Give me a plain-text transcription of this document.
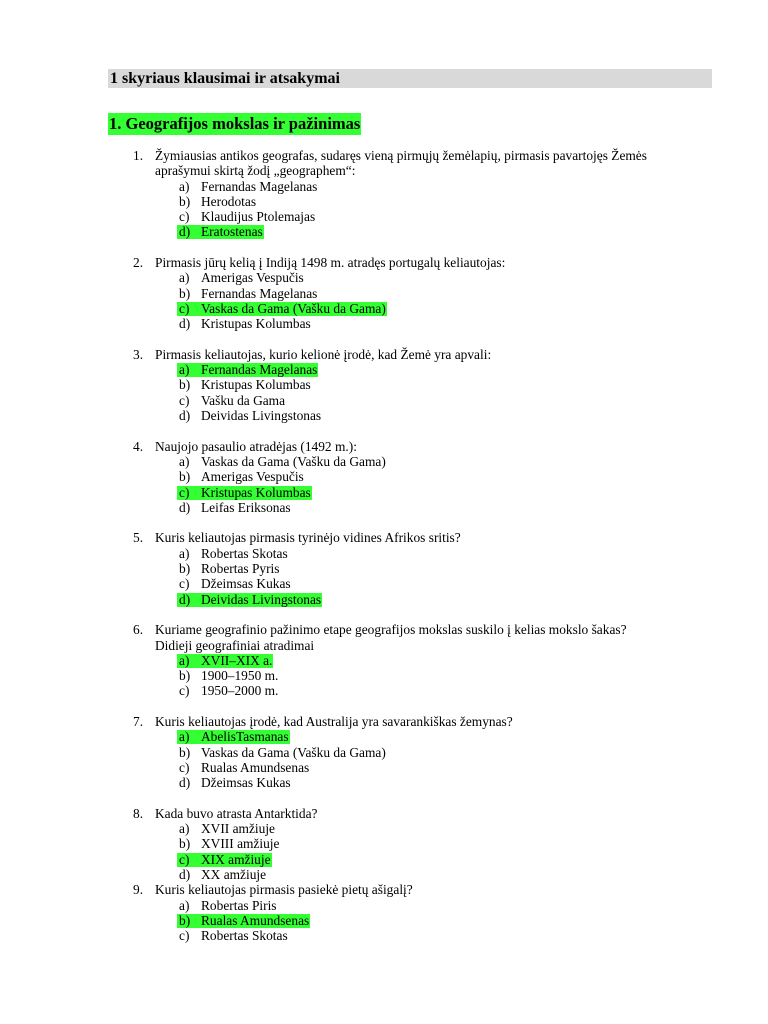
1 skyriaus klausimai ir atsakymai
1. Geografijos mokslas ir pažinimas
1. Žymiausias antikos geografas, sudaręs vieną pirmųjų žemėlapių, pirmasis pavartojęs Žemės
aprašymui skirtą žodį „geographem“:
a) Fernandas Magelanas
b) Herodotas
c) Klaudijus Ptolemajas
d) Eratostenas
2. Pirmasis jūrų kelią į Indiją 1498 m. atradęs portugalų keliautojas:
a) Amerigas Vespučis
b) Fernandas Magelanas
c) Vaskas da Gama (Vašku da Gama)
d) Kristupas Kolumbas
3. Pirmasis keliautojas, kurio kelionė įrodė, kad Žemė yra apvali:
a) Fernandas Magelanas
b) Kristupas Kolumbas
c) Vašku da Gama
d) Deividas Livingstonas
4. Naujojo pasaulio atradėjas (1492 m.):
a) Vaskas da Gama (Vašku da Gama)
b) Amerigas Vespučis
c) Kristupas Kolumbas
d) Leifas Eriksonas
5. Kuris keliautojas pirmasis tyrinėjo vidines Afrikos sritis?
a) Robertas Skotas
b) Robertas Pyris
c) Džeimsas Kukas
d) Deividas Livingstonas
6. Kuriame geografinio pažinimo etape geografijos mokslas suskilo į kelias mokslo šakas?
Didieji geografiniai atradimai
a) XVII–XIX a.
b) 1900–1950 m.
c) 1950–2000 m.
7. Kuris keliautojas įrodė, kad Australija yra savarankiškas žemynas?
a) AbelisTasmanas
b) Vaskas da Gama (Vašku da Gama)
c) Rualas Amundsenas
d) Džeimsas Kukas
8. Kada buvo atrasta Antarktida?
a) XVII amžiuje
b) XVIII amžiuje
c) XIX amžiuje
d) XX amžiuje
9. Kuris keliautojas pirmasis pasiekė pietų ašigalį?
a) Robertas Piris
b) Rualas Amundsenas
c) Robertas Skotas
